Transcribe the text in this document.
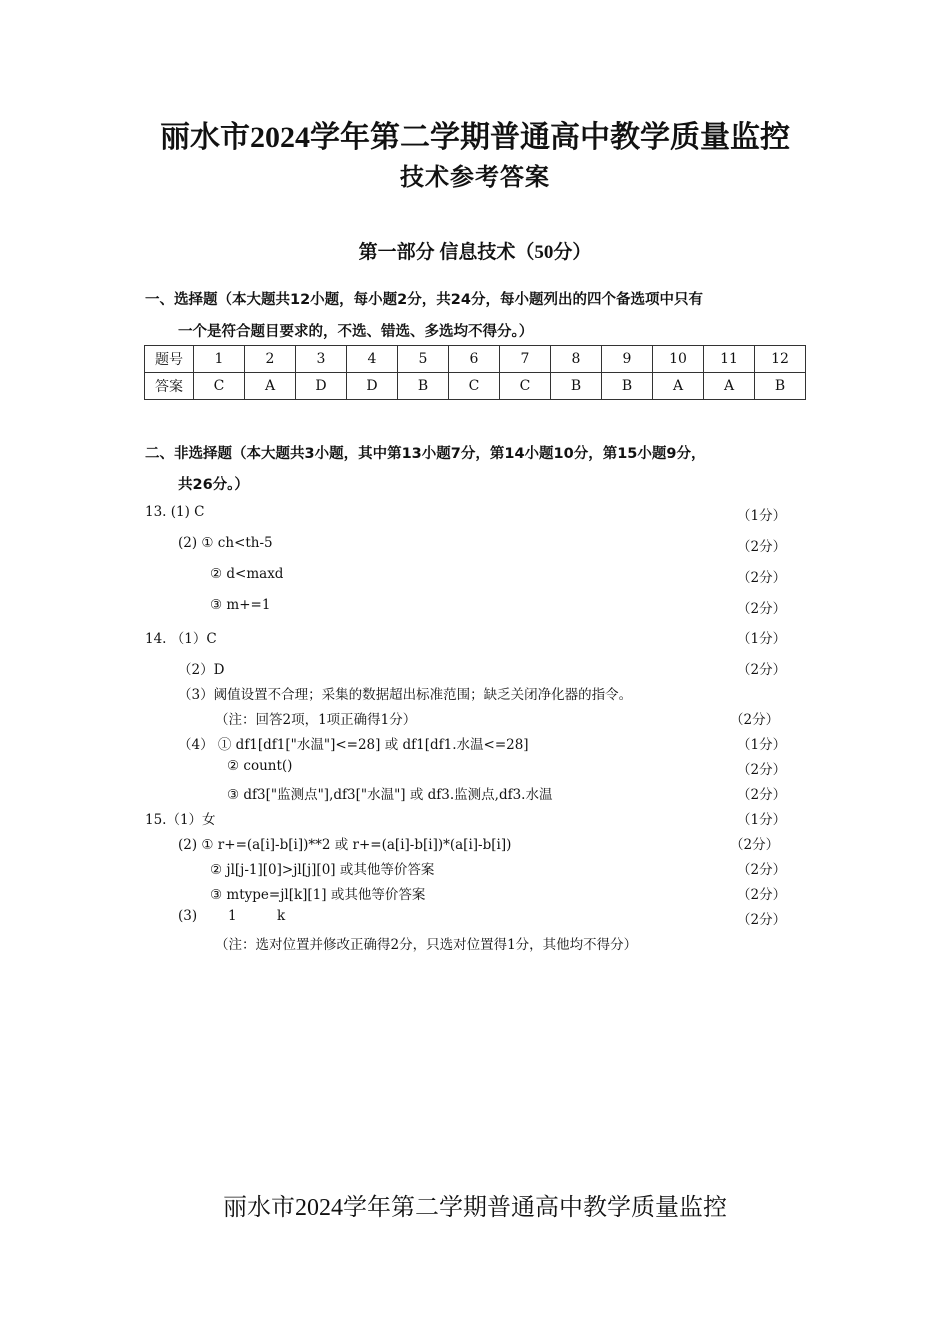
丽水市2024学年第二学期普通高中教学质量监控
技术参考答案
第一部分 信息技术（50分）
一、选择题（本大题共12小题，每小题2分，共24分，每小题列出的四个备选项中只有
一个是符合题目要求的，不选、错选、多选均不得分。）
题号	1	2	3	4	5	6	7	8	9	10	11	12
答案	C	A	D	D	B	C	C	B	B	A	A	B
二、非选择题（本大题共3小题，其中第13小题7分，第14小题10分，第15小题9分，
共26分。）
13. (1) C	（1分）
(2) ① ch<th-5	（2分）
② d<maxd	（2分）
③ m+=1	（2分）
14. （1）C	（1分）
（2）D	（2分）
（3）阈值设置不合理；采集的数据超出标准范围；缺乏关闭净化器的指令。
（注：回答2项，1项正确得1分）	（2分）
（4） ① df1[df1["水温"]<=28] 或 df1[df1.水温<=28]	（1分）
② count()	（2分）
③ df3["监测点"],df3["水温"] 或 df3.监测点,df3.水温	（2分）
15.（1）女	（1分）
(2) ① r+=(a[i]-b[i])**2 或 r+=(a[i]-b[i])*(a[i]-b[i])	（2分）
② jl[j-1][0]>jl[j][0] 或其他等价答案	（2分）
③ mtype=jl[k][1] 或其他等价答案	（2分）
(3) 1	k	（2分）
（注：选对位置并修改正确得2分，只选对位置得1分，其他均不得分）
丽水市2024学年第二学期普通高中教学质量监控
